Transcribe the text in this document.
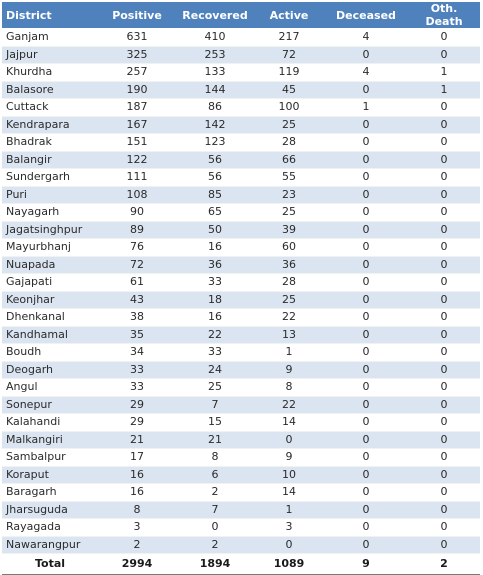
District	Positive	Recovered	Active	Deceased	Oth. Death
Ganjam	631	410	217	4	0
Jajpur	325	253	72	0	0
Khurdha	257	133	119	4	1
Balasore	190	144	45	0	1
Cuttack	187	86	100	1	0
Kendrapara	167	142	25	0	0
Bhadrak	151	123	28	0	0
Balangir	122	56	66	0	0
Sundergarh	111	56	55	0	0
Puri	108	85	23	0	0
Nayagarh	90	65	25	0	0
Jagatsinghpur	89	50	39	0	0
Mayurbhanj	76	16	60	0	0
Nuapada	72	36	36	0	0
Gajapati	61	33	28	0	0
Keonjhar	43	18	25	0	0
Dhenkanal	38	16	22	0	0
Kandhamal	35	22	13	0	0
Boudh	34	33	1	0	0
Deogarh	33	24	9	0	0
Angul	33	25	8	0	0
Sonepur	29	7	22	0	0
Kalahandi	29	15	14	0	0
Malkangiri	21	21	0	0	0
Sambalpur	17	8	9	0	0
Koraput	16	6	10	0	0
Baragarh	16	2	14	0	0
Jharsuguda	8	7	1	0	0
Rayagada	3	0	3	0	0
Nawarangpur	2	2	0	0	0
Total	2994	1894	1089	9	2
